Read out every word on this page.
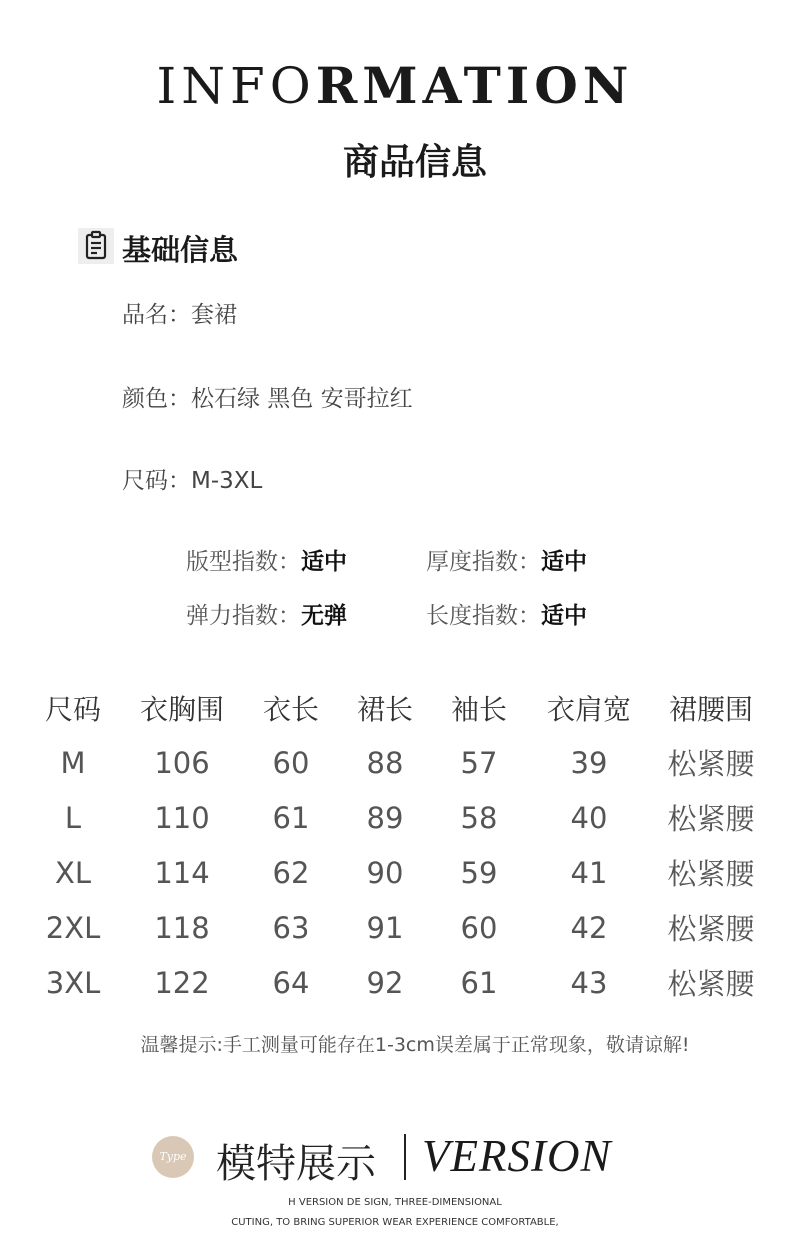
INFORMATION
商品信息
基础信息
品名：套裙
颜色：松石绿 黑色 安哥拉红
尺码：M-3XL
版型指数：适中	厚度指数：适中
弹力指数：无弹	长度指数：适中
尺码	衣胸围	衣长	裙长	袖长	衣肩宽	裙腰围
M	106	60	88	57	39	松紧腰
L	110	61	89	58	40	松紧腰
XL	114	62	90	59	41	松紧腰
2XL	118	63	91	60	42	松紧腰
3XL	122	64	92	61	43	松紧腰
温馨提示:手工测量可能存在1-3cm误差属于正常现象，敬请谅解!
Type 模特展示 VERSION
H VERSION DE SIGN, THREE-DIMENSIONAL
CUTING, TO BRING SUPERIOR WEAR EXPERIENCE COMFORTABLE,
